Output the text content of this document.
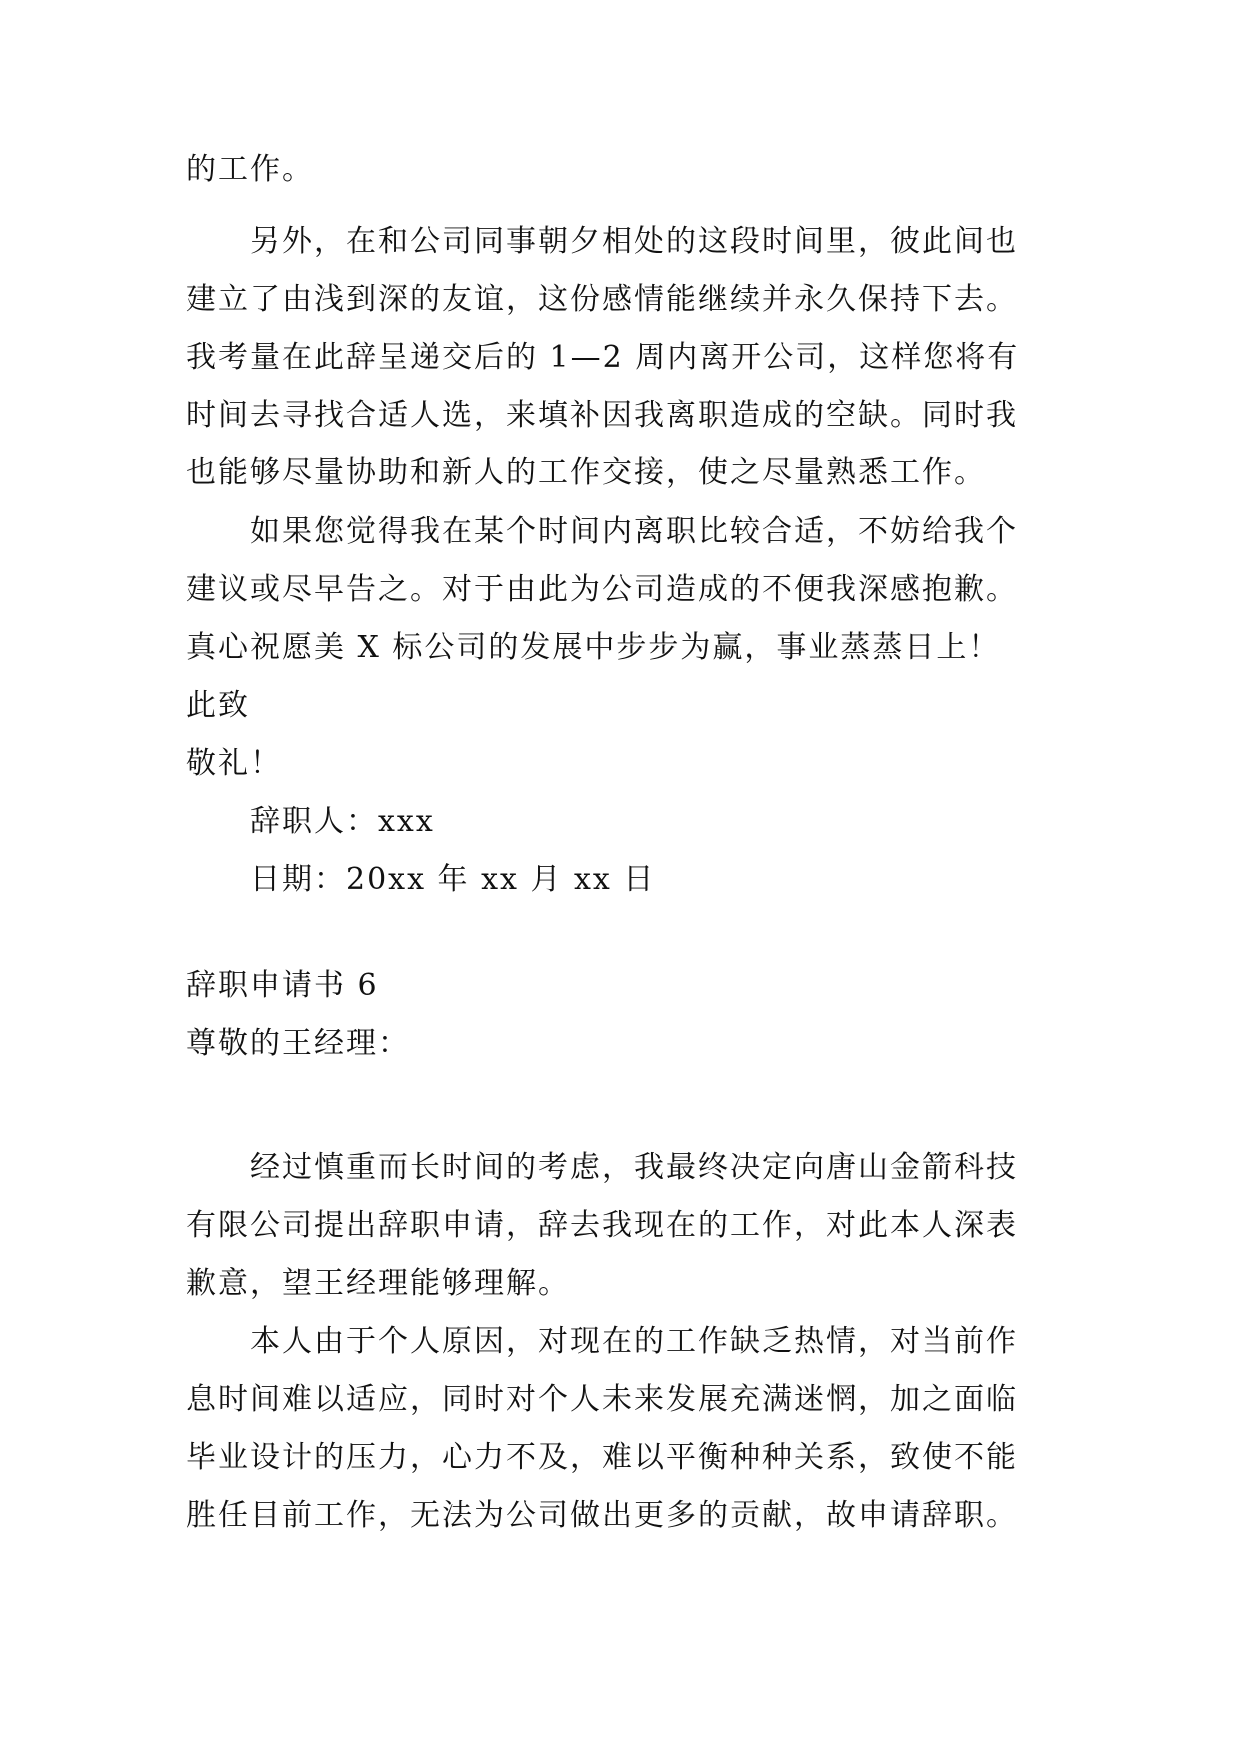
的工作。
另外，在和公司同事朝夕相处的这段时间里，彼此间也
建立了由浅到深的友谊，这份感情能继续并永久保持下去。
我考量在此辞呈递交后的 1—2 周内离开公司，这样您将有
时间去寻找合适人选，来填补因我离职造成的空缺。同时我
也能够尽量协助和新人的工作交接，使之尽量熟悉工作。
如果您觉得我在某个时间内离职比较合适，不妨给我个
建议或尽早告之。对于由此为公司造成的不便我深感抱歉。
真心祝愿美 X 标公司的发展中步步为赢，事业蒸蒸日上！
此致
敬礼！
辞职人：xxx
日期：20xx 年 xx 月 xx 日
辞职申请书 6
尊敬的王经理：
经过慎重而长时间的考虑，我最终决定向唐山金箭科技
有限公司提出辞职申请，辞去我现在的工作，对此本人深表
歉意，望王经理能够理解。
本人由于个人原因，对现在的工作缺乏热情，对当前作
息时间难以适应，同时对个人未来发展充满迷惘，加之面临
毕业设计的压力，心力不及，难以平衡种种关系，致使不能
胜任目前工作，无法为公司做出更多的贡献，故申请辞职。
